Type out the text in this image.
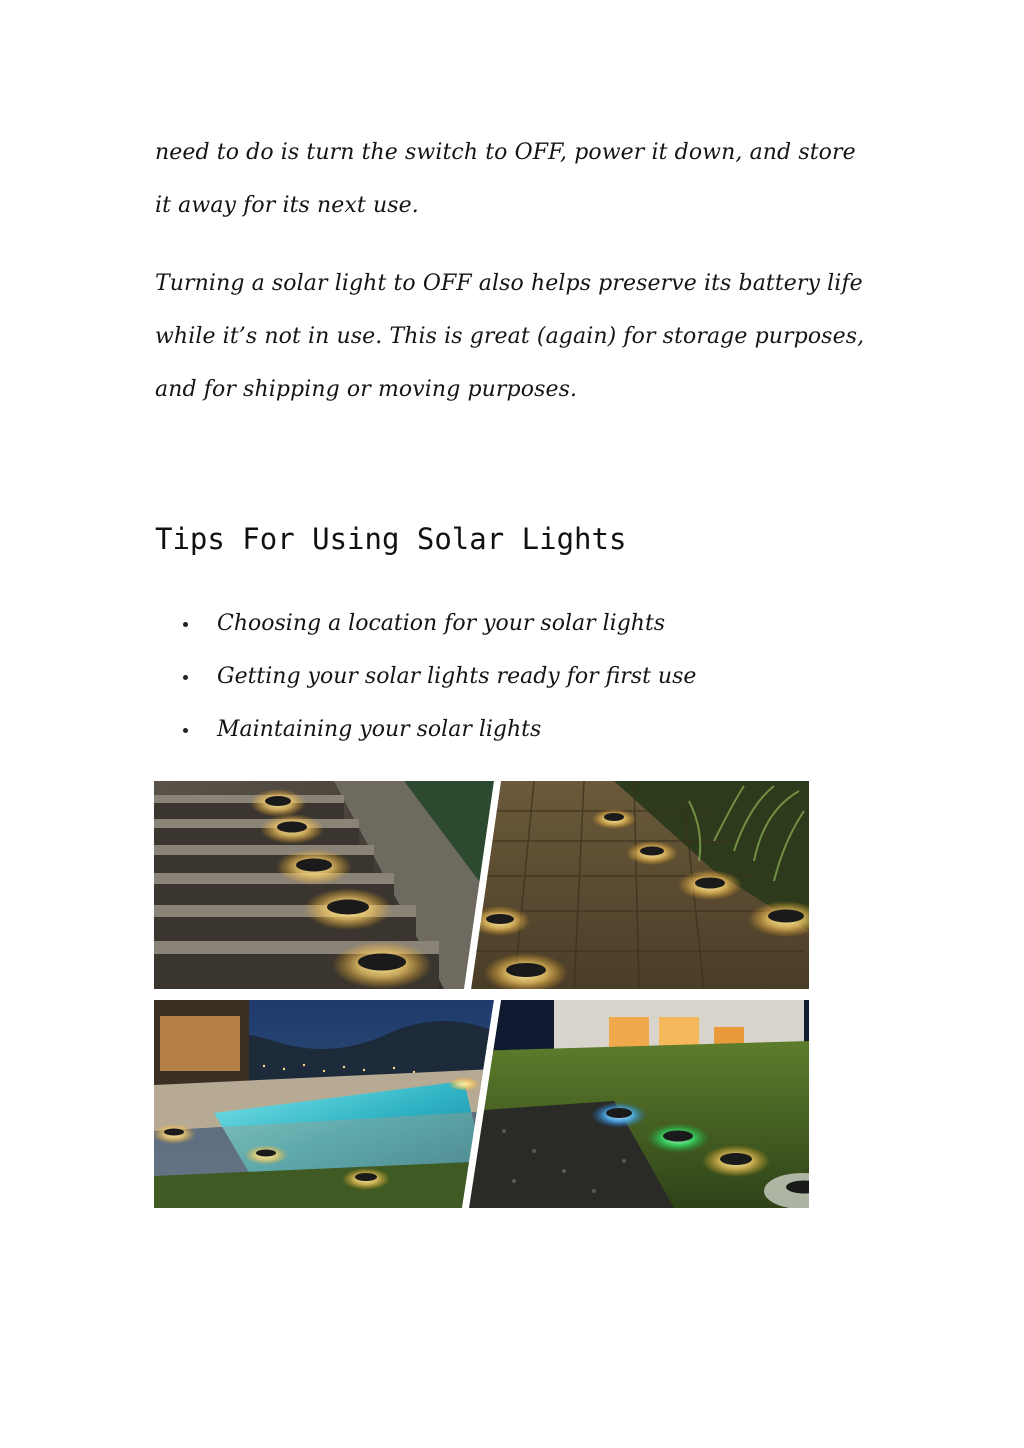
need to do is turn the switch to OFF, power it down, and store
it away for its next use.
Turning a solar light to OFF also helps preserve its battery life
while it’s not in use. This is great (again) for storage purposes,
and for shipping or moving purposes.
Tips For Using Solar Lights
Choosing a location for your solar lights
Getting your solar lights ready for first use
Maintaining your solar lights
